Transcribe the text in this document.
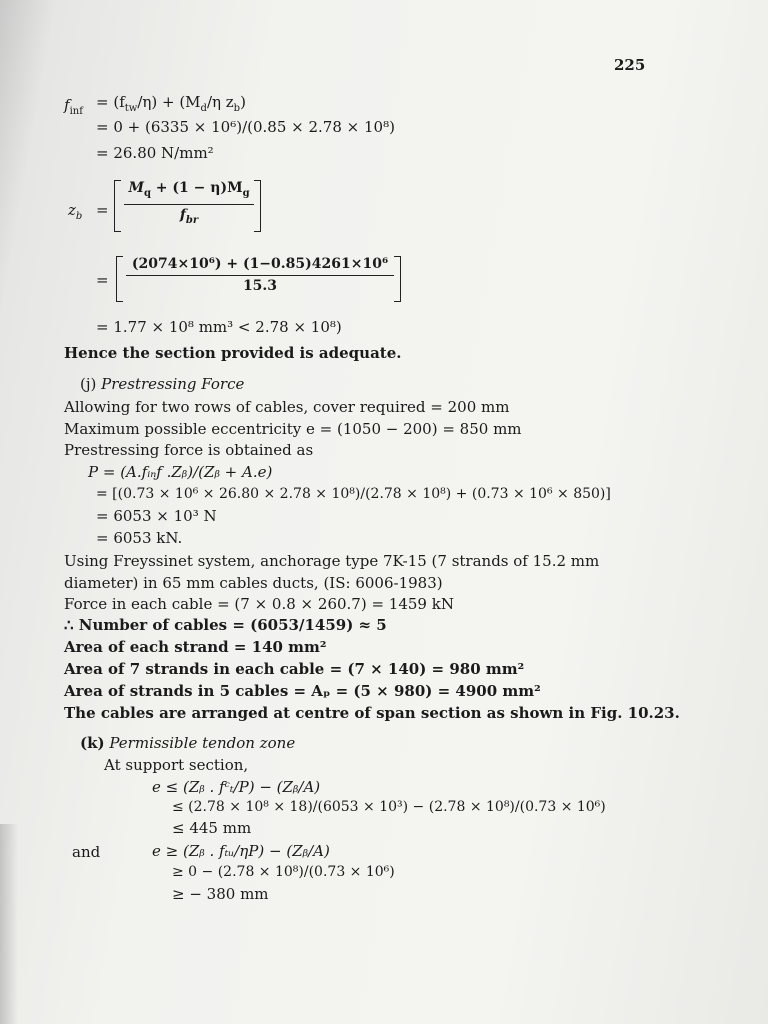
225
$f_{inf}$
= $(f_{tw}/\eta) + (M_d/\eta$ $z_b$)
= 0 + (6335 × 10⁶)/(0.85 × 2.78 × 10⁸)
= 26.80 N/mm²
$z_b$ =
$M_q + (1 - \eta)M_g$
$f_{br}$
=
(2074×10⁶) + (1−0.85)4261×10⁶
15.3
= 1.77 × 10⁸ mm³ < 2.78 × 10⁸)
Hence the section provided is adequate.
(j) Prestressing Force
Allowing for two rows of cables, cover required = 200 mm
Maximum possible eccentricity e = (1050 − 200) = 850 mm
Prestressing force is obtained as
P = (A.fᵢₙƒ .Zᵦ)/(Zᵦ + A.e)
= [(0.73 × 10⁶ × 26.80 × 2.78 × 10⁸)/(2.78 × 10⁸) + (0.73 × 10⁶ × 850)]
= 6053 × 10³ N
= 6053 kN.
Using Freyssinet system, anchorage type 7K-15 (7 strands of 15.2 mm
diameter) in 65 mm cables ducts, (IS: 6006-1983)
Force in each cable = (7 × 0.8 × 260.7) = 1459 kN
∴ Number of cables = (6053/1459) ≈ 5
Area of each strand = 140 mm²
Area of 7 strands in each cable = (7 × 140) = 980 mm²
Area of strands in 5 cables = Aₚ = (5 × 980) = 4900 mm²
The cables are arranged at centre of span section as shown in Fig. 10.23.
(k) Permissible tendon zone
At support section,
e ≤ (Zᵦ . fᶜₜ/P) − (Zᵦ/A)
≤ (2.78 × 10⁸ × 18)/(6053 × 10³) − (2.78 × 10⁸)/(0.73 × 10⁶)
≤ 445 mm
and	e ≥ (Zᵦ . fₜᵤ/ηP) − (Zᵦ/A)
≥ 0 − (2.78 × 10⁸)/(0.73 × 10⁶)
≥ − 380 mm
